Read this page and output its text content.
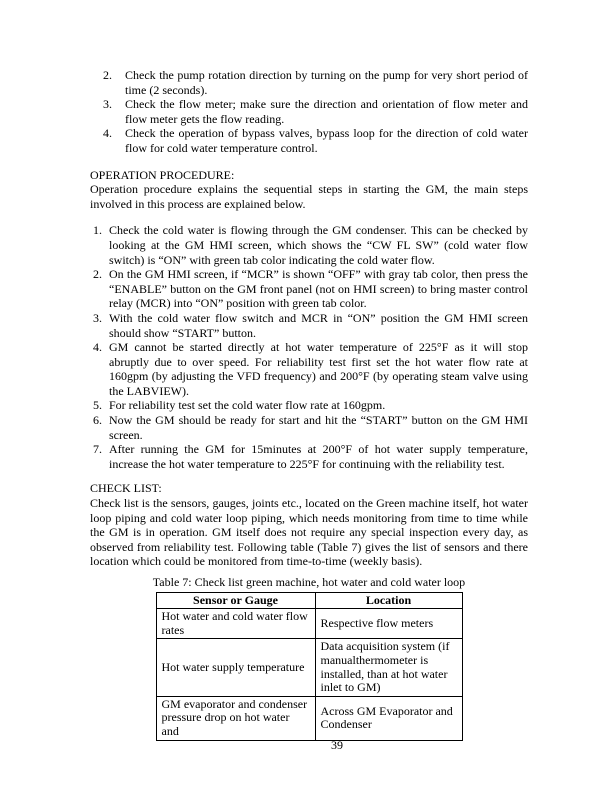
2. Check the pump rotation direction by turning on the pump for very short period of time (2 seconds).
3. Check the flow meter; make sure the direction and orientation of flow meter and flow meter gets the flow reading.
4. Check the operation of bypass valves, bypass loop for the direction of cold water flow for cold water temperature control.
OPERATION PROCEDURE:
Operation procedure explains the sequential steps in starting the GM, the main steps involved in this process are explained below.
1. Check the cold water is flowing through the GM condenser. This can be checked by looking at the GM HMI screen, which shows the “CW FL SW” (cold water flow switch) is “ON” with green tab color indicating the cold water flow.
2. On the GM HMI screen, if “MCR” is shown “OFF” with gray tab color, then press the “ENABLE” button on the GM front panel (not on HMI screen) to bring master control relay (MCR) into “ON” position with green tab color.
3. With the cold water flow switch and MCR in “ON” position the GM HMI screen should show “START” button.
4. GM cannot be started directly at hot water temperature of 225°F as it will stop abruptly due to over speed. For reliability test first set the hot water flow rate at 160gpm (by adjusting the VFD frequency) and 200°F (by operating steam valve using the LABVIEW).
5. For reliability test set the cold water flow rate at 160gpm.
6. Now the GM should be ready for start and hit the “START” button on the GM HMI screen.
7. After running the GM for 15minutes at 200°F of hot water supply temperature, increase the hot water temperature to 225°F for continuing with the reliability test.
CHECK LIST:
Check list is the sensors, gauges, joints etc., located on the Green machine itself, hot water loop piping and cold water loop piping, which needs monitoring from time to time while the GM is in operation. GM itself does not require any special inspection every day, as observed from reliability test. Following table (Table 7) gives the list of sensors and there location which could be monitored from time-to-time (weekly basis).
Table 7: Check list green machine, hot water and cold water loop
Sensor or Gauge	Location
Hot water and cold water flow rates	Respective flow meters
Hot water supply temperature	Data acquisition system (if manualthermometer is installed, than at hot water inlet to GM)
GM evaporator and condenser pressure drop on hot water and	Across GM Evaporator and Condenser
39
